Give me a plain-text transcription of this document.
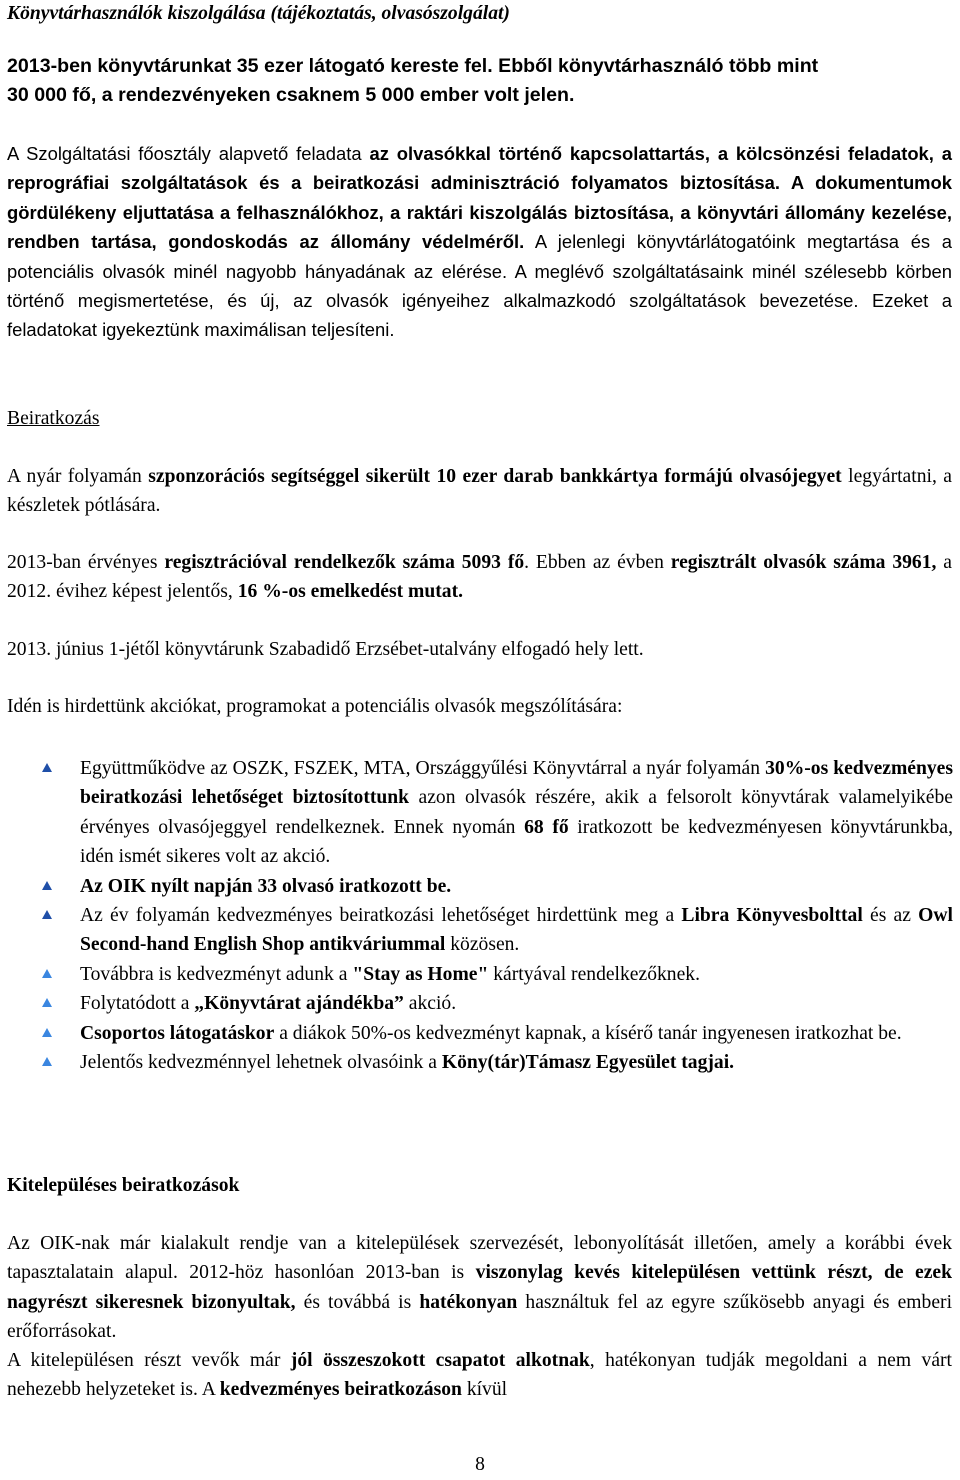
Könyvtárhasználók kiszolgálása (tájékoztatás, olvasószolgálat)
2013-ben könyvtárunkat 35 ezer látogató kereste fel. Ebből könyvtárhasználó több mint
30 000 fő, a rendezvényeken csaknem 5 000 ember volt jelen.
A Szolgáltatási főosztály alapvető feladata az olvasókkal történő kapcsolattartás, a kölcsönzési feladatok, a reprográfiai szolgáltatások és a beiratkozási adminisztráció folyamatos biztosítása. A dokumentumok gördülékeny eljuttatása a felhasználókhoz, a raktári kiszolgálás biztosítása, a könyvtári állomány kezelése, rendben tartása, gondoskodás az állomány védelméről. A jelenlegi könyvtárlátogatóink megtartása és a potenciális olvasók minél nagyobb hányadának az elérése. A meglévő szolgáltatásaink minél szélesebb körben történő megismertetése, és új, az olvasók igényeihez alkalmazkodó szolgáltatások bevezetése. Ezeket a feladatokat igyekeztünk maximálisan teljesíteni.
Beiratkozás
A nyár folyamán szponzorációs segítséggel sikerült 10 ezer darab bankkártya formájú olvasójegyet legyártatni, a készletek pótlására.
2013-ban érvényes regisztrációval rendelkezők száma 5093 fő. Ebben az évben regisztrált olvasók száma 3961, a 2012. évihez képest jelentős, 16 %-os emelkedést mutat.
2013. június 1-jétől könyvtárunk Szabadidő Erzsébet-utalvány elfogadó hely lett.
Idén is hirdettünk akciókat, programokat a potenciális olvasók megszólítására:
Együttműködve az OSZK, FSZEK, MTA, Országgyűlési Könyvtárral a nyár folyamán 30%-os kedvezményes beiratkozási lehetőséget biztosítottunk azon olvasók részére, akik a felsorolt könyvtárak valamelyikébe érvényes olvasójeggyel rendelkeznek. Ennek nyomán 68 fő iratkozott be kedvezményesen könyvtárunkba, idén ismét sikeres volt az akció.
Az OIK nyílt napján 33 olvasó iratkozott be.
Az év folyamán kedvezményes beiratkozási lehetőséget hirdettünk meg a Libra Könyvesbolttal és az Owl Second-hand English Shop antikváriummal közösen.
Továbbra is kedvezményt adunk a "Stay as Home" kártyával rendelkezőknek.
Folytatódott a „Könyvtárat ajándékba” akció.
Csoportos látogatáskor a diákok 50%-os kedvezményt kapnak, a kísérő tanár ingyenesen iratkozhat be.
Jelentős kedvezménnyel lehetnek olvasóink a Köny(tár)Támasz Egyesület tagjai.
Kitelepüléses beiratkozások
Az OIK-nak már kialakult rendje van a kitelepülések szervezését, lebonyolítását illetően, amely a korábbi évek tapasztalatain alapul. 2012-höz hasonlóan 2013-ban is viszonylag kevés kitelepülésen vettünk részt, de ezek nagyrészt sikeresnek bizonyultak, és továbbá is hatékonyan használtuk fel az egyre szűkösebb anyagi és emberi erőforrásokat.
A kitelepülésen részt vevők már jól összeszokott csapatot alkotnak, hatékonyan tudják megoldani a nem várt nehezebb helyzeteket is. A kedvezményes beiratkozáson kívül
8
